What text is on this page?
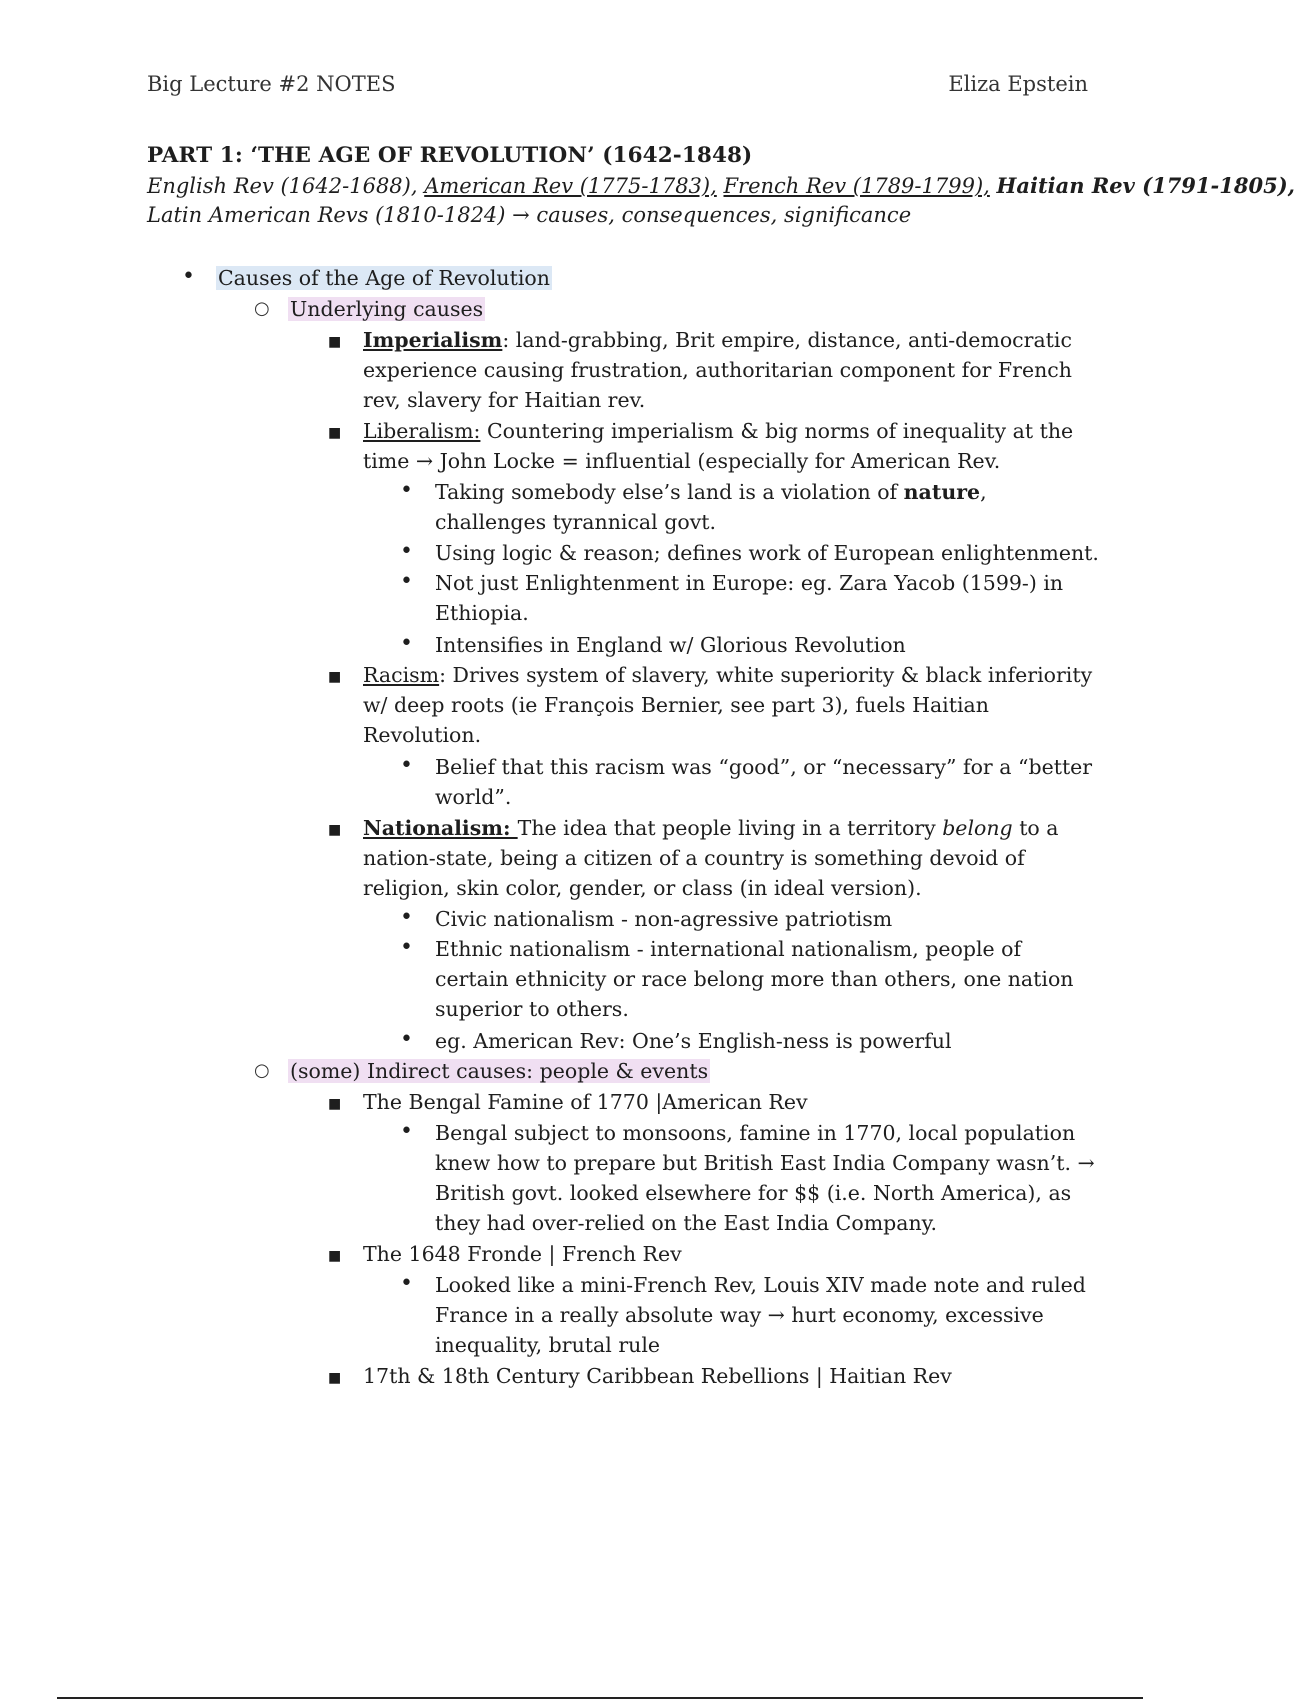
Big Lecture #2 NOTES	Eliza Epstein
PART 1: ‘THE AGE OF REVOLUTION’ (1642-1848)
English Rev (1642-1688), American Rev (1775-1783), French Rev (1789-1799), Haitian Rev (1791-1805),
Latin American Revs (1810-1824) → causes, consequences, significance
• Causes of the Age of Revolution
○ Underlying causes
■ Imperialism: land-grabbing, Brit empire, distance, anti-democratic
experience causing frustration, authoritarian component for French
rev, slavery for Haitian rev.
■ Liberalism: Countering imperialism & big norms of inequality at the
time → John Locke = influential (especially for American Rev.
• Taking somebody else’s land is a violation of nature,
challenges tyrannical govt.
• Using logic & reason; defines work of European enlightenment.
• Not just Enlightenment in Europe: eg. Zara Yacob (1599-) in
Ethiopia.
• Intensifies in England w/ Glorious Revolution
■ Racism: Drives system of slavery, white superiority & black inferiority
w/ deep roots (ie François Bernier, see part 3), fuels Haitian
Revolution.
• Belief that this racism was “good”, or “necessary” for a “better
world”.
■ Nationalism: The idea that people living in a territory belong to a
nation-state, being a citizen of a country is something devoid of
religion, skin color, gender, or class (in ideal version).
• Civic nationalism - non-agressive patriotism
• Ethnic nationalism - international nationalism, people of
certain ethnicity or race belong more than others, one nation
superior to others.
• eg. American Rev: One’s English-ness is powerful
○ (some) Indirect causes: people & events
■ The Bengal Famine of 1770 |American Rev
• Bengal subject to monsoons, famine in 1770, local population
knew how to prepare but British East India Company wasn’t. →
British govt. looked elsewhere for $$ (i.e. North America), as
they had over-relied on the East India Company.
■ The 1648 Fronde | French Rev
• Looked like a mini-French Rev, Louis XIV made note and ruled
France in a really absolute way → hurt economy, excessive
inequality, brutal rule
■ 17th & 18th Century Caribbean Rebellions | Haitian Rev
